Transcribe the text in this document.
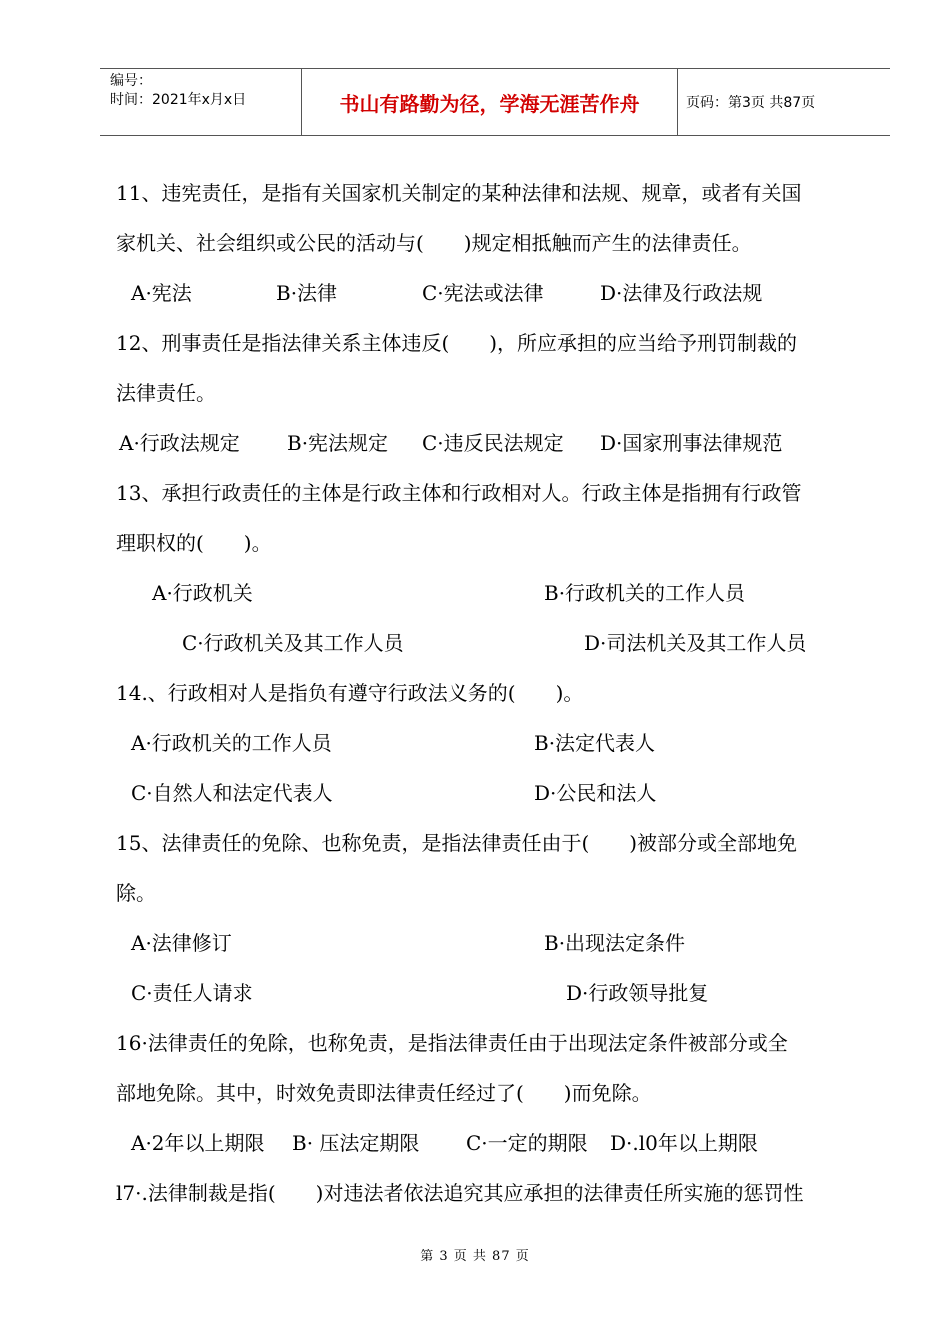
编号：
时间：2021年x月x日	书山有路勤为径，学海无涯苦作舟	页码：第3页 共87页
11、违宪责任，是指有关国家机关制定的某种法律和法规、规章，或者有关国
家机关、社会组织或公民的活动与(　　)规定相抵触而产生的法律责任。
A·宪法	B·法律	C·宪法或法律	D·法律及行政法规
12、刑事责任是指法律关系主体违反(　　)，所应承担的应当给予刑罚制裁的
法律责任。
A·行政法规定 B·宪法规定 C·违反民法规定 D·国家刑事法律规范
13、承担行政责任的主体是行政主体和行政相对人。行政主体是指拥有行政管
理职权的(　　)。
A·行政机关	B·行政机关的工作人员
C·行政机关及其工作人员	D·司法机关及其工作人员
14.、行政相对人是指负有遵守行政法义务的(　　)。
A·行政机关的工作人员	B·法定代表人
C·自然人和法定代表人	D·公民和法人
15、法律责任的免除、也称免责，是指法律责任由于(　　)被部分或全部地免
除。
A·法律修订	B·出现法定条件
C·责任人请求	D·行政领导批复
16·法律责任的免除，也称免责，是指法律责任由于出现法定条件被部分或全
部地免除。其中，时效免责即法律责任经过了(　　)而免除。
A·2年以上期限 B· 压法定期限 C·一定的期限 D·.l0年以上期限
l7·.法律制裁是指(　　)对违法者依法追究其应承担的法律责任所实施的惩罚性
第 3 页 共 87 页
